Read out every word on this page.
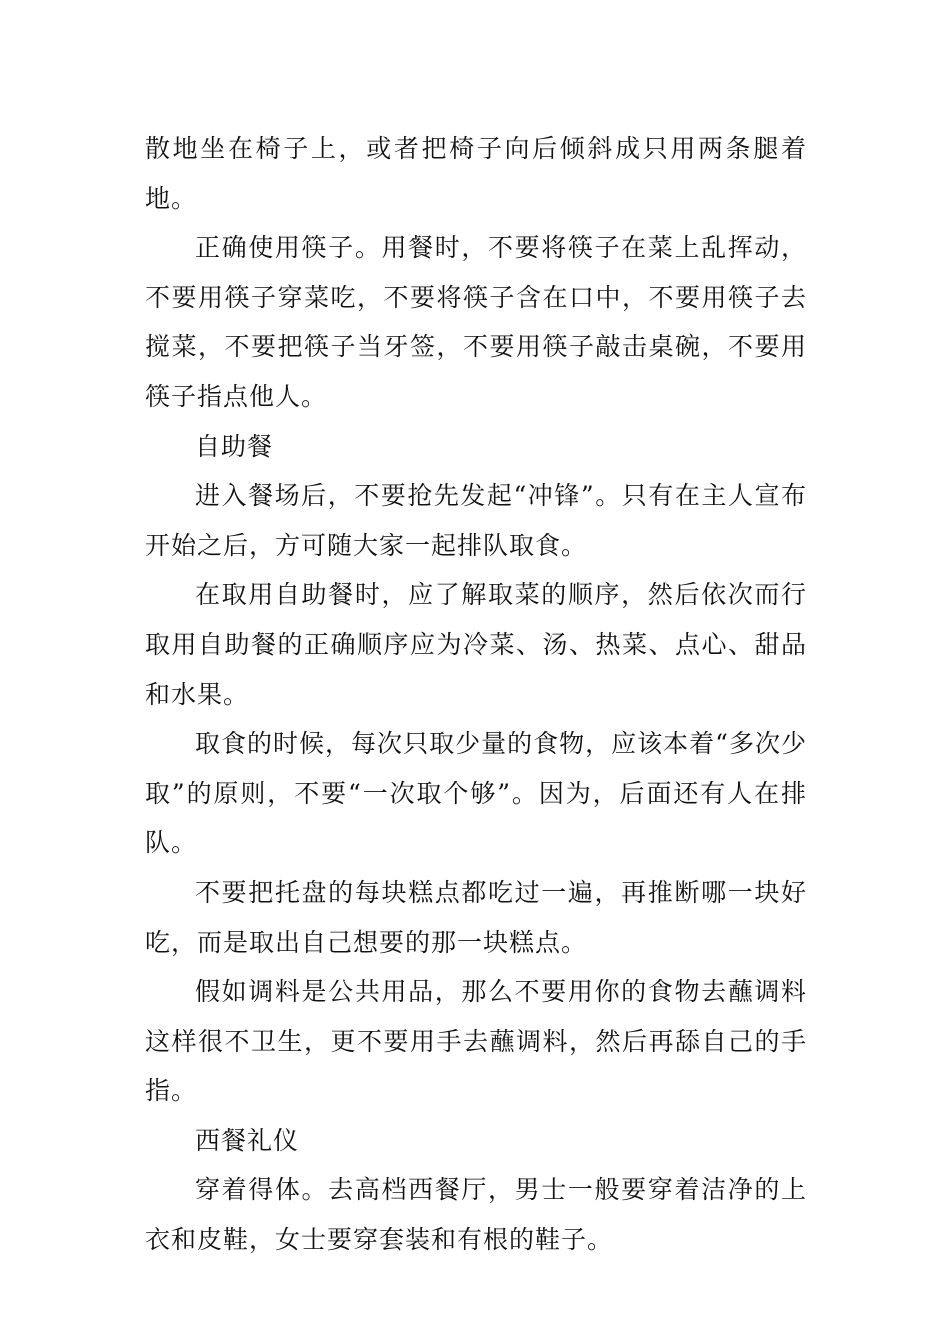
散地坐在椅子上，或者把椅子向后倾斜成只用两条腿着地。

正确使用筷子。用餐时，不要将筷子在菜上乱挥动，不要用筷子穿菜吃，不要将筷子含在口中，不要用筷子去搅菜，不要把筷子当牙签，不要用筷子敲击桌碗，不要用筷子指点他人。

自助餐

进入餐场后，不要抢先发起“冲锋”。只有在主人宣布开始之后，方可随大家一起排队取食。

在取用自助餐时，应了解取菜的顺序，然后依次而行取用自助餐的正确顺序应为冷菜、汤、热菜、点心、甜品和水果。

取食的时候，每次只取少量的食物，应该本着“多次少取”的原则，不要“一次取个够”。因为，后面还有人在排队。

不要把托盘的每块糕点都吃过一遍，再推断哪一块好吃，而是取出自己想要的那一块糕点。

假如调料是公共用品，那么不要用你的食物去蘸调料这样很不卫生，更不要用手去蘸调料，然后再舔自己的手指。

西餐礼仪

穿着得体。去高档西餐厅，男士一般要穿着洁净的上衣和皮鞋，女士要穿套装和有根的鞋子。
